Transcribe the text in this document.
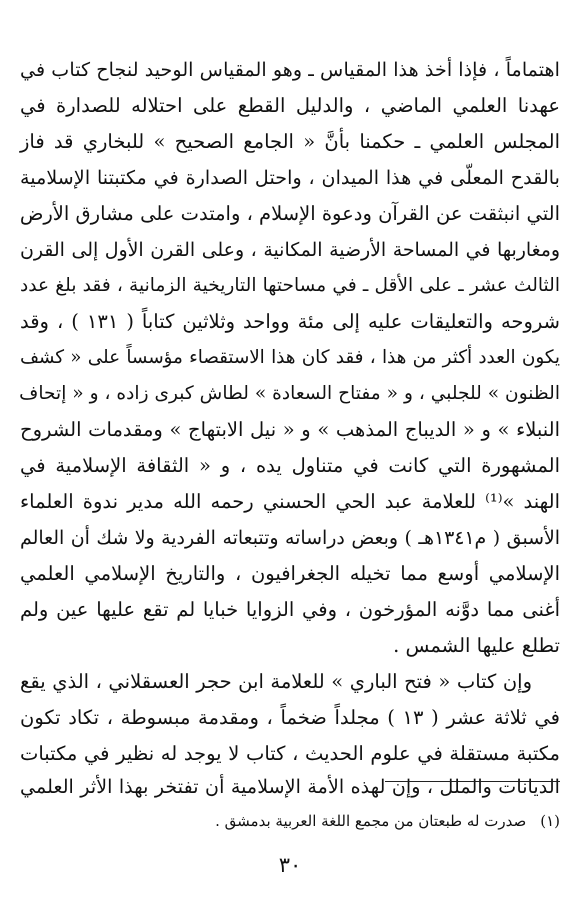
اهتماماً ، فإذا أخذ هذا المقياس ـ وهو المقياس الوحيد لنجاح كتاب في
عهدنا العلمي الماضي ، والدليل القطع على احتلاله للصدارة في
المجلس العلمي ـ حكمنا بأنَّ « الجامع الصحيح » للبخاري قد فاز
بالقدح المعلّى في هذا الميدان ، واحتل الصدارة في مكتبتنا الإسلامية
التي انبثقت عن القرآن ودعوة الإسلام ، وامتدت على مشارق الأرض
ومغاربها في المساحة الأرضية المكانية ، وعلى القرن الأول إلى القرن
الثالث عشر ـ على الأقل ـ في مساحتها التاريخية الزمانية ، فقد بلغ عدد
شروحه والتعليقات عليه إلى مئة وواحد وثلاثين كتاباً ( ١٣١ ) ، وقد
يكون العدد أكثر من هذا ، فقد كان هذا الاستقصاء مؤسساً على « كشف
الظنون » للجلبي ، و « مفتاح السعادة » لطاش كبرى زاده ، و « إتحاف
النبلاء » و « الديباج المذهب » و « نيل الابتهاج » ومقدمات الشروح
المشهورة التي كانت في متناول يده ، و « الثقافة الإسلامية في
الهند »⁽¹⁾ للعلامة عبد الحي الحسني رحمه الله مدير ندوة العلماء
الأسبق ( م١٣٤١هـ ) وبعض دراساته وتتبعاته الفردية ولا شك أن العالم
الإسلامي أوسع مما تخيله الجغرافيون ، والتاريخ الإسلامي العلمي
أغنى مما دوَّنه المؤرخون ، وفي الزوايا خبايا لم تقع عليها عين ولم
تطلع عليها الشمس .
وإن كتاب « فتح الباري » للعلامة ابن حجر العسقلاني ، الذي يقع
في ثلاثة عشر ( ١٣ ) مجلداً ضخماً ، ومقدمة مبسوطة ، تكاد تكون
مكتبة مستقلة في علوم الحديث ، كتاب لا يوجد له نظير في مكتبات
الديانات والملل ، وإن لهذه الأمة الإسلامية أن تفتخر بهذا الأثر العلمي
(١)صدرت له طبعتان من مجمع اللغة العربية بدمشق .
٣٠
